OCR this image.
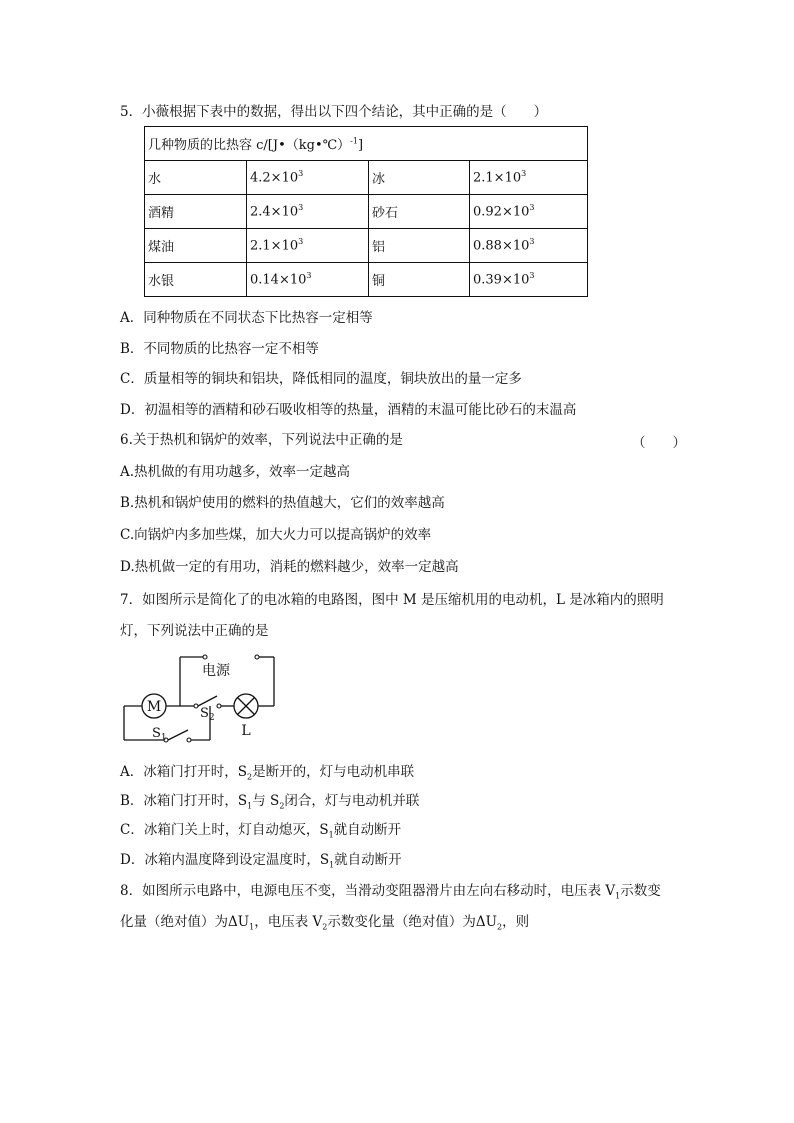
5．小薇根据下表中的数据，得出以下四个结论，其中正确的是（　　）
几种物质的比热容 c/[J•（kg•℃）$^{-1}$]			
水	$4.2\times 10^3$	冰	$2.1\times 10^3$
酒精	$2.4\times 10^3$	砂石	$0.92\times 10^3$
煤油	$2.1\times 10^3$	铝	$0.88\times 10^3$
水银	$0.14\times 10^3$	铜	$0.39\times 10^3$
A．同种物质在不同状态下比热容一定相等
B．不同物质的比热容一定不相等
C．质量相等的铜块和铝块，降低相同的温度，铜块放出的量一定多
D．初温相等的酒精和砂石吸收相等的热量，酒精的末温可能比砂石的末温高
6.关于热机和锅炉的效率，下列说法中正确的是	（　　）
A.热机做的有用功越多，效率一定越高
B.热机和锅炉使用的燃料的热值越大，它们的效率越高
C.向锅炉内多加些煤，加大火力可以提高锅炉的效率
D.热机做一定的有用功，消耗的燃料越少，效率一定越高
7．如图所示是简化了的电冰箱的电路图，图中 M 是压缩机用的电动机，L 是冰箱内的照明
灯，下列说法中正确的是
M
L
电源
$S_2$
$S_1$
A．冰箱门打开时，$S_2$是断开的，灯与电动机串联
B．冰箱门打开时，$S_1$与 $S_2$闭合，灯与电动机并联
C．冰箱门关上时，灯自动熄灭，$S_1$就自动断开
D．冰箱内温度降到设定温度时，$S_1$就自动断开
8．如图所示电路中，电源电压不变，当滑动变阻器滑片由左向右移动时，电压表 $V_1$示数变
化量（绝对值）为$\Delta U_1$，电压表 $V_2$示数变化量（绝对值）为$\Delta U_2$，则
